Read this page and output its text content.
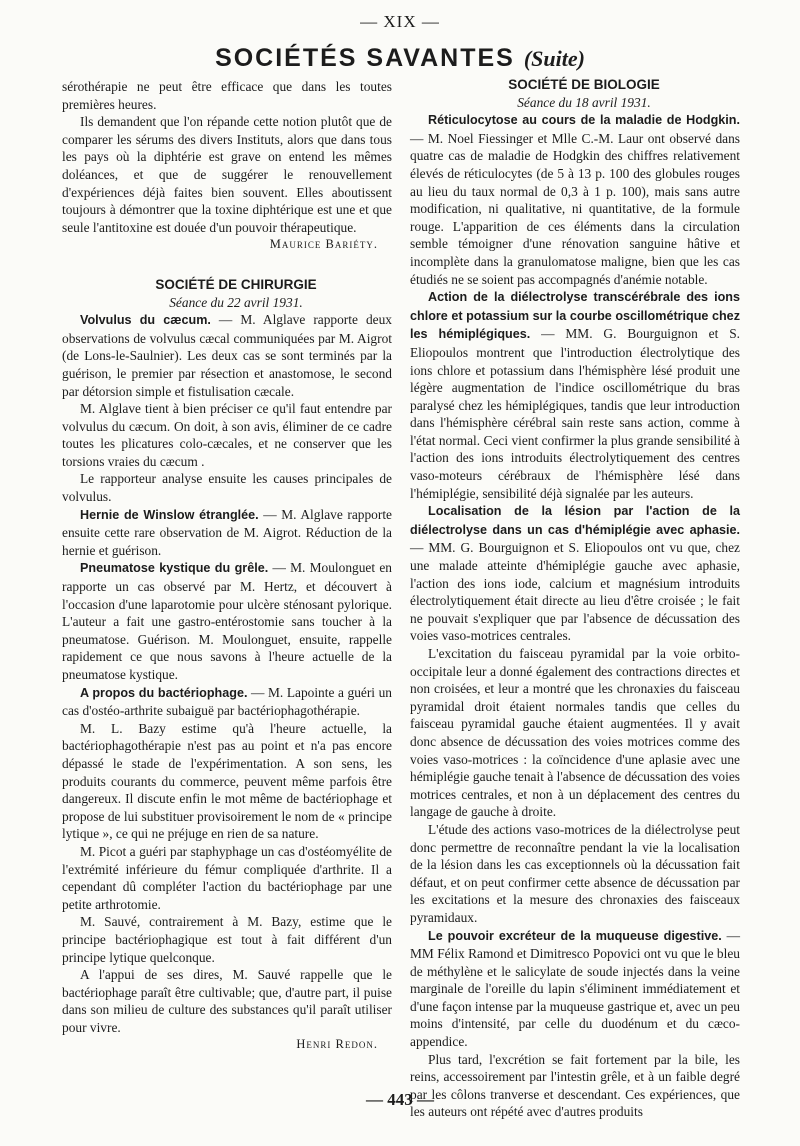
— XIX —
SOCIÉTÉS SAVANTES (Suite)

sérothérapie ne peut être efficace que dans les toutes premières heures.

Ils demandent que l'on répande cette notion plutôt que de comparer les sérums des divers Instituts, alors que dans tous les pays où la diphtérie est grave on entend les mêmes doléances, et que de suggérer le renouvellement d'expériences déjà faites bien souvent. Elles aboutissent toujours à démontrer que la toxine diphtérique est une et que seule l'antitoxine est douée d'un pouvoir thérapeutique.

Maurice Bariéty.

SOCIÉTÉ DE CHIRURGIE

Séance du 22 avril 1931.

Volvulus du cæcum. — M. Alglave rapporte deux observations de volvulus cæcal communiquées par M. Aigrot (de Lons-le-Saulnier). Les deux cas se sont terminés par la guérison, le premier par résection et anastomose, le second par détorsion simple et fistulisation cæcale.

M. Alglave tient à bien préciser ce qu'il faut entendre par volvulus du cæcum. On doit, à son avis, éliminer de ce cadre toutes les plicatures colo-cæcales, et ne conserver que les torsions vraies du cæcum .

Le rapporteur analyse ensuite les causes principales de volvulus.

Hernie de Winslow étranglée. — M. Alglave rapporte ensuite cette rare observation de M. Aigrot. Réduction de la hernie et guérison.

Pneumatose kystique du grêle. — M. Moulonguet en rapporte un cas observé par M. Hertz, et découvert à l'occasion d'une laparotomie pour ulcère sténosant pylorique. L'auteur a fait une gastro-entérostomie sans toucher à la pneumatose. Guérison. M. Moulonguet, ensuite, rappelle rapidement ce que nous savons à l'heure actuelle de la pneumatose kystique.

A propos du bactériophage. — M. Lapointe a guéri un cas d'ostéo-arthrite subaiguë par bactériophagothérapie.

M. L. Bazy estime qu'à l'heure actuelle, la bactériophagothérapie n'est pas au point et n'a pas encore dépassé le stade de l'expérimentation. A son sens, les produits courants du commerce, peuvent même parfois être dangereux. Il discute enfin le mot même de bactériophage et propose de lui substituer provisoirement le nom de « principe lytique », ce qui ne préjuge en rien de sa nature.

M. Picot a guéri par staphyphage un cas d'ostéomyélite de l'extrémité inférieure du fémur compliquée d'arthrite. Il a cependant dû compléter l'action du bactériophage par une petite arthrotomie.

M. Sauvé, contrairement à M. Bazy, estime que le principe bactériophagique est tout à fait différent d'un principe lytique quelconque.

A l'appui de ses dires, M. Sauvé rappelle que le bactériophage paraît être cultivable; que, d'autre part, il puise dans son milieu de culture des substances qu'il paraît utiliser pour vivre.

Henri Redon.

SOCIÉTÉ DE BIOLOGIE

Séance du 18 avril 1931.

Réticulocytose au cours de la maladie de Hodgkin. — M. Noel Fiessinger et Mlle C.-M. Laur ont observé dans quatre cas de maladie de Hodgkin des chiffres relativement élevés de réticulocytes (de 5 à 13 p. 100 des globules rouges au lieu du taux normal de 0,3 à 1 p. 100), mais sans autre modification, ni qualitative, ni quantitative, de la formule rouge. L'apparition de ces éléments dans la circulation semble témoigner d'une rénovation sanguine hâtive et incomplète dans la granulomatose maligne, bien que les cas étudiés ne se soient pas accompagnés d'anémie notable.

Action de la diélectrolyse transcérébrale des ions chlore et potassium sur la courbe oscillométrique chez les hémiplégiques. — MM. G. Bourguignon et S. Eliopoulos montrent que l'introduction électrolytique des ions chlore et potassium dans l'hémisphère lésé produit une légère augmentation de l'indice oscillométrique du bras paralysé chez les hémiplégiques, tandis que leur introduction dans l'hémisphère cérébral sain reste sans action, comme à l'état normal. Ceci vient confirmer la plus grande sensibilité à l'action des ions introduits électrolytiquement des centres vaso-moteurs cérébraux de l'hémisphère lésé dans l'hémiplégie, sensibilité déjà signalée par les auteurs.

Localisation de la lésion par l'action de la diélectrolyse dans un cas d'hémiplégie avec aphasie. — MM. G. Bourguignon et S. Eliopoulos ont vu que, chez une malade atteinte d'hémiplégie gauche avec aphasie, l'action des ions iode, calcium et magnésium introduits électrolytiquement était directe au lieu d'être croisée ; le fait ne pouvait s'expliquer que par l'absence de décussation des voies vaso-motrices centrales.

L'excitation du faisceau pyramidal par la voie orbito-occipitale leur a donné également des contractions directes et non croisées, et leur a montré que les chronaxies du faisceau pyramidal droit étaient normales tandis que celles du faisceau pyramidal gauche étaient augmentées. Il y avait donc absence de décussation des voies motrices comme des voies vaso-motrices : la coïncidence d'une aplasie avec une hémiplégie gauche tenait à l'absence de décussation des voies motrices centrales, et non à un déplacement des centres du langage de gauche à droite.

L'étude des actions vaso-motrices de la diélectrolyse peut donc permettre de reconnaître pendant la vie la localisation de la lésion dans les cas exceptionnels où la décussation fait défaut, et on peut confirmer cette absence de décussation par les excitations et la mesure des chronaxies des faisceaux pyramidaux.

Le pouvoir excréteur de la muqueuse digestive. — MM Félix Ramond et Dimitresco Popovici ont vu que le bleu de méthylène et le salicylate de soude injectés dans la veine marginale de l'oreille du lapin s'éliminent immédiatement et d'une façon intense par la muqueuse gastrique et, avec un peu moins d'intensité, par celle du duodénum et du cæco-appendice.

Plus tard, l'excrétion se fait fortement par la bile, les reins, accessoirement par l'intestin grêle, et à un faible degré par les côlons tranverse et descendant. Ces expériences, que les auteurs ont répété avec d'autres produits

— 443 —
